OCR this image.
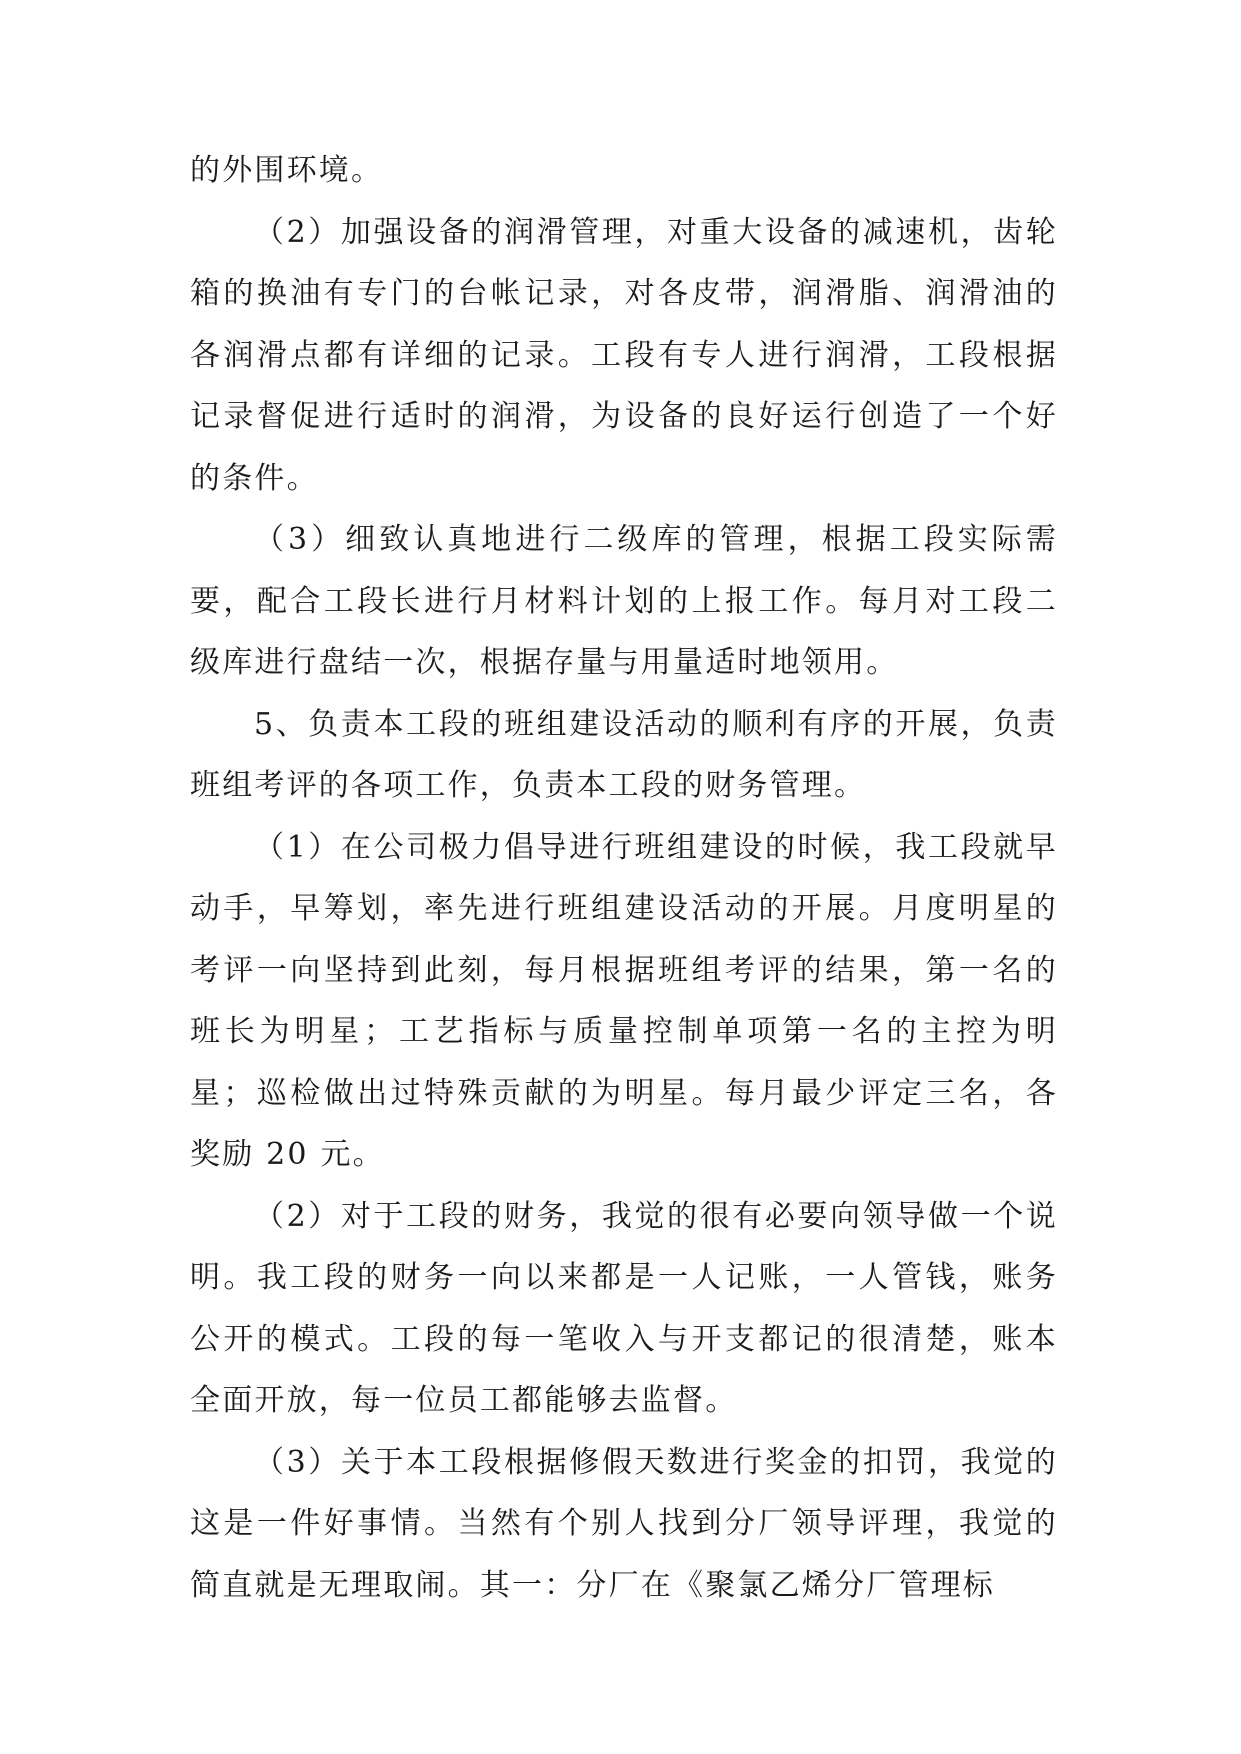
的外围环境。

（2）加强设备的润滑管理，对重大设备的减速机，齿轮箱的换油有专门的台帐记录，对各皮带，润滑脂、润滑油的各润滑点都有详细的记录。工段有专人进行润滑，工段根据记录督促进行适时的润滑，为设备的良好运行创造了一个好的条件。

（3）细致认真地进行二级库的管理，根据工段实际需要，配合工段长进行月材料计划的上报工作。每月对工段二级库进行盘结一次，根据存量与用量适时地领用。

5、负责本工段的班组建设活动的顺利有序的开展，负责班组考评的各项工作，负责本工段的财务管理。

（1）在公司极力倡导进行班组建设的时候，我工段就早动手，早筹划，率先进行班组建设活动的开展。月度明星的考评一向坚持到此刻，每月根据班组考评的结果，第一名的班长为明星；工艺指标与质量控制单项第一名的主控为明星；巡检做出过特殊贡献的为明星。每月最少评定三名，各奖励 20 元。

（2）对于工段的财务，我觉的很有必要向领导做一个说明。我工段的财务一向以来都是一人记账，一人管钱，账务公开的模式。工段的每一笔收入与开支都记的很清楚，账本全面开放，每一位员工都能够去监督。

（3）关于本工段根据修假天数进行奖金的扣罚，我觉的这是一件好事情。当然有个别人找到分厂领导评理，我觉的简直就是无理取闹。其一：分厂在《聚氯乙烯分厂管理标
